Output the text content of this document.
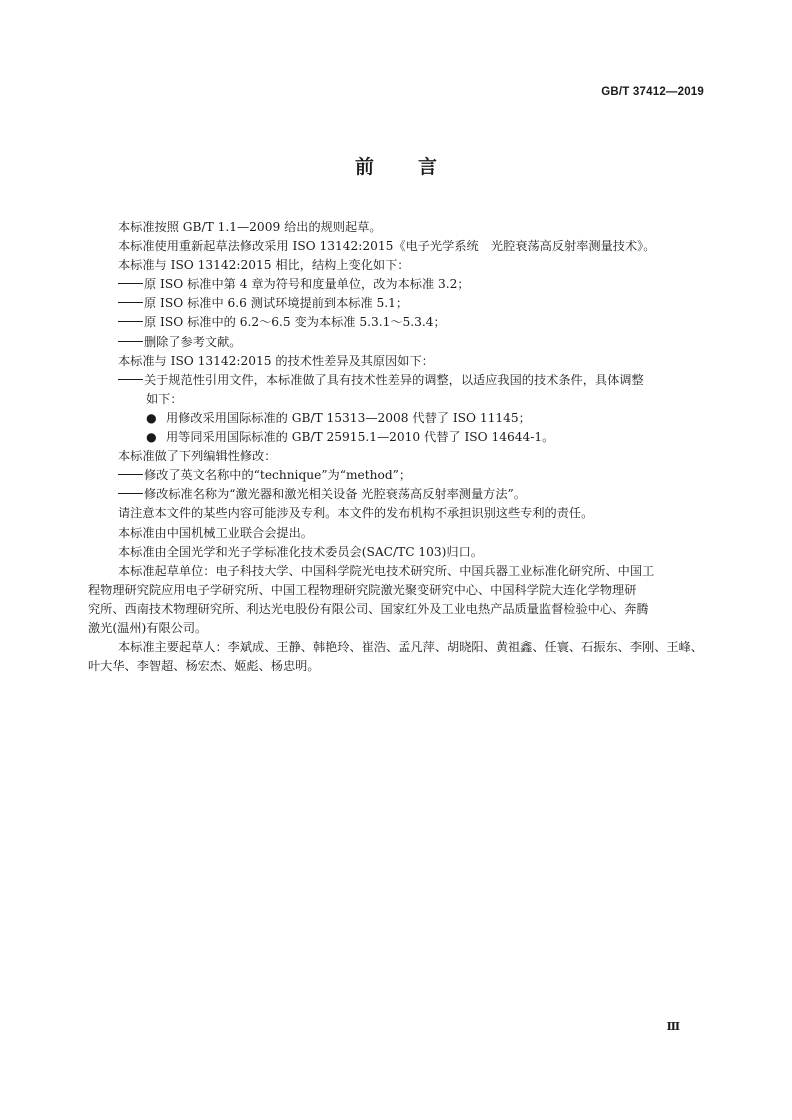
GB/T 37412—2019
前 言
本标准按照 GB/T 1.1—2009 给出的规则起草。
本标准使用重新起草法修改采用 ISO 13142:2015《电子光学系统　光腔衰荡高反射率测量技术》。
本标准与 ISO 13142:2015 相比，结构上变化如下：
原 ISO 标准中第 4 章为符号和度量单位，改为本标准 3.2；
原 ISO 标准中 6.6 测试环境提前到本标准 5.1；
原 ISO 标准中的 6.2～6.5 变为本标准 5.3.1～5.3.4；
删除了参考文献。
本标准与 ISO 13142:2015 的技术性差异及其原因如下：
关于规范性引用文件，本标准做了具有技术性差异的调整，以适应我国的技术条件，具体调整
如下：
● 用修改采用国际标准的 GB/T 15313—2008 代替了 ISO 11145；
● 用等同采用国际标准的 GB/T 25915.1—2010 代替了 ISO 14644-1。
本标准做了下列编辑性修改：
修改了英文名称中的“technique”为“method”；
修改标准名称为“激光器和激光相关设备 光腔衰荡高反射率测量方法”。
请注意本文件的某些内容可能涉及专利。本文件的发布机构不承担识别这些专利的责任。
本标准由中国机械工业联合会提出。
本标准由全国光学和光子学标准化技术委员会(SAC/TC 103)归口。
本标准起草单位：电子科技大学、中国科学院光电技术研究所、中国兵器工业标准化研究所、中国工
程物理研究院应用电子学研究所、中国工程物理研究院激光聚变研究中心、中国科学院大连化学物理研
究所、西南技术物理研究所、利达光电股份有限公司、国家红外及工业电热产品质量监督检验中心、奔腾
激光(温州)有限公司。
本标准主要起草人：李斌成、王静、韩艳玲、崔浩、孟凡萍、胡晓阳、黄祖鑫、任寰、石振东、李刚、王峰、
叶大华、李智超、杨宏杰、姬彪、杨忠明。
Ⅲ
